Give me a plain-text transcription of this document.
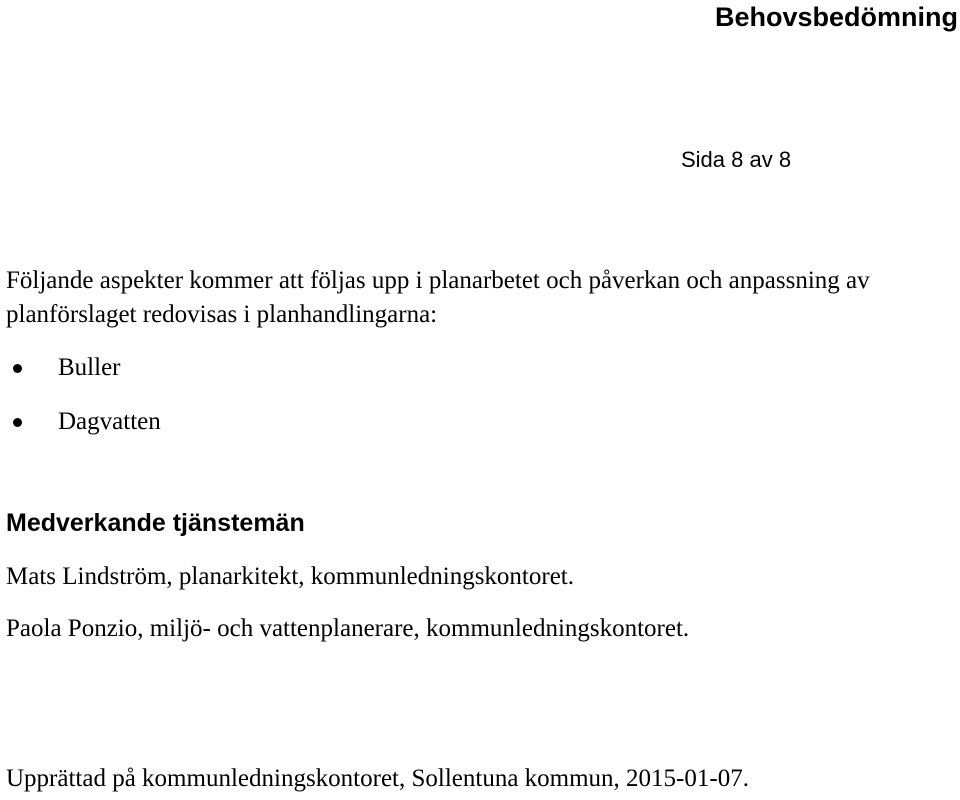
Behovsbedömning
Sida 8 av 8

Följande aspekter kommer att följas upp i planarbetet och påverkan och anpassning av planförslaget redovisas i planhandlingarna:

Buller
Dagvatten
Medverkande tjänstemän

Mats Lindström, planarkitekt, kommunledningskontoret.

Paola Ponzio, miljö- och vattenplanerare, kommunledningskontoret.

Upprättad på kommunledningskontoret, Sollentuna kommun, 2015-01-07.
